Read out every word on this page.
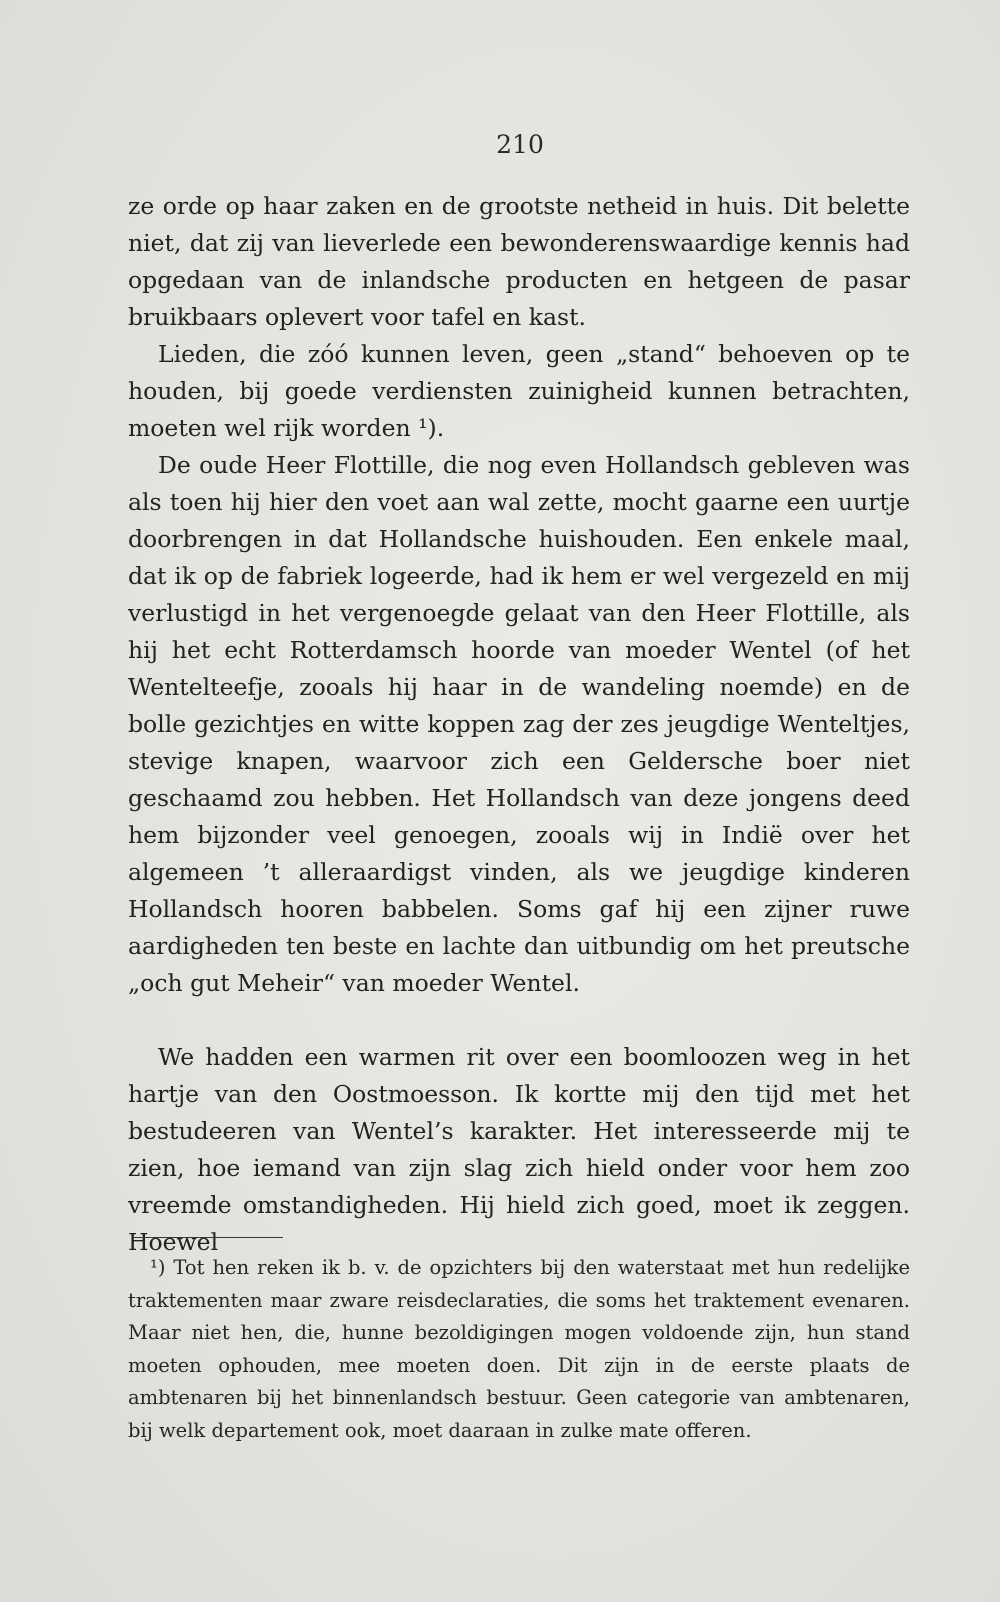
210

ze orde op haar zaken en de grootste netheid in huis. Dit belette niet, dat zij van lieverlede een bewonderenswaardige kennis had opgedaan van de inlandsche producten en hetgeen de pasar bruikbaars oplevert voor tafel en kast.

Lieden, die zóó kunnen leven, geen „stand“ behoeven op te houden, bij goede verdiensten zuinigheid kunnen betrachten, moeten wel rijk worden ¹).

De oude Heer Flottille, die nog even Hollandsch gebleven was als toen hij hier den voet aan wal zette, mocht gaarne een uurtje doorbrengen in dat Hollandsche huishouden. Een enkele maal, dat ik op de fabriek logeerde, had ik hem er wel vergezeld en mij verlustigd in het vergenoegde gelaat van den Heer Flottille, als hij het echt Rotterdamsch hoorde van moeder Wentel (of het Wentelteefje, zooals hij haar in de wandeling noemde) en de bolle gezichtjes en witte koppen zag der zes jeugdige Wenteltjes, stevige knapen, waarvoor zich een Geldersche boer niet geschaamd zou hebben. Het Hollandsch van deze jongens deed hem bijzonder veel genoegen, zooals wij in Indië over het algemeen ’t alleraardigst vinden, als we jeugdige kinderen Hollandsch hooren babbelen. Soms gaf hij een zijner ruwe aardigheden ten beste en lachte dan uitbundig om het preutsche „och gut Meheir“ van moeder Wentel.

We hadden een warmen rit over een boomloozen weg in het hartje van den Oostmoesson. Ik kortte mij den tijd met het bestudeeren van Wentel’s karakter. Het interesseerde mij te zien, hoe iemand van zijn slag zich hield onder voor hem zoo vreemde omstandigheden. Hij hield zich goed, moet ik zeggen. Hoewel

¹) Tot hen reken ik b. v. de opzichters bij den waterstaat met hun redelijke traktementen maar zware reisdeclaraties, die soms het traktement evenaren. Maar niet hen, die, hunne bezoldigingen mogen voldoende zijn, hun stand moeten ophouden, mee moeten doen. Dit zijn in de eerste plaats de ambtenaren bij het binnenlandsch bestuur. Geen categorie van ambtenaren, bij welk departement ook, moet daaraan in zulke mate offeren.
